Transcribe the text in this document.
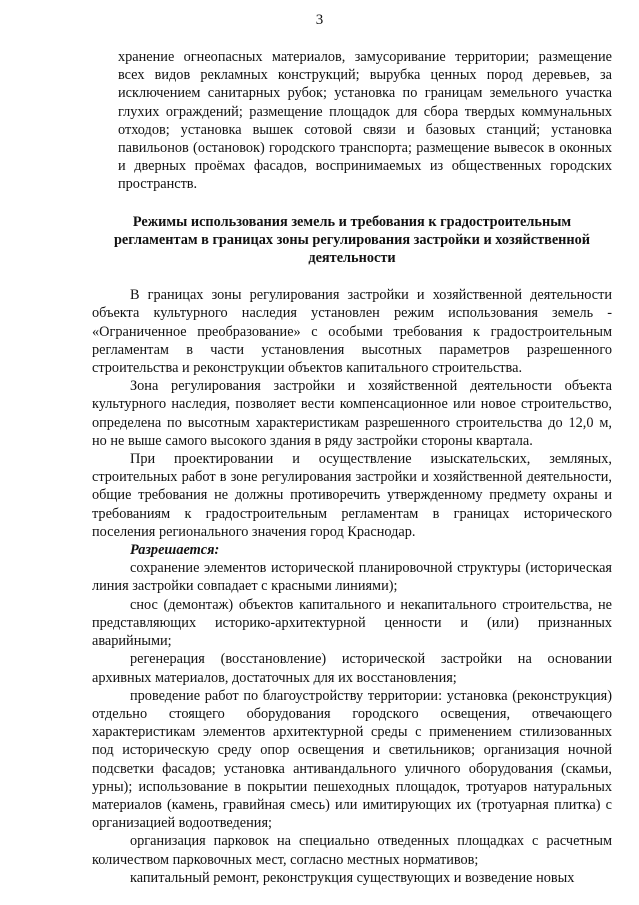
3

хранение огнеопасных материалов, замусоривание территории; размещение всех видов рекламных конструкций; вырубка ценных пород деревьев, за исключением санитарных рубок; установка по границам земельного участка глухих ограждений; размещение площадок для сбора твердых коммунальных отходов; установка вышек сотовой связи и базовых станций; установка павильонов (остановок) городского транспорта; размещение вывесок в оконных и дверных проёмах фасадов, воспринимаемых из общественных городских пространств.

Режимы использования земель и требования к градостроительным регламентам в границах зоны регулирования застройки и хозяйственной деятельности

В границах зоны регулирования застройки и хозяйственной деятельности объекта культурного наследия установлен режим использования земель - «Ограниченное преобразование» с особыми требования к градостроительным регламентам в части установления высотных параметров разрешенного строительства и реконструкции объектов капитального строительства.

Зона регулирования застройки и хозяйственной деятельности объекта культурного наследия, позволяет вести компенсационное или новое строительство, определена по высотным характеристикам разрешенного строительства до 12,0 м, но не выше самого высокого здания в ряду застройки стороны квартала.

При проектировании и осуществление изыскательских, земляных, строительных работ в зоне регулирования застройки и хозяйственной деятельности, общие требования не должны противоречить утвержденному предмету охраны и требованиям к градостроительным регламентам в границах исторического поселения регионального значения город Краснодар.

Разрешается:

сохранение элементов исторической планировочной структуры (историческая линия застройки совпадает с красными линиями);

снос (демонтаж) объектов капитального и некапитального строительства, не представляющих историко-архитектурной ценности и (или) признанных аварийными;

регенерация (восстановление) исторической застройки на основании архивных материалов, достаточных для их восстановления;

проведение работ по благоустройству территории: установка (реконструкция) отдельно стоящего оборудования городского освещения, отвечающего характеристикам элементов архитектурной среды с применением стилизованных под историческую среду опор освещения и светильников; организация ночной подсветки фасадов; установка антивандального уличного оборудования (скамьи, урны); использование в покрытии пешеходных площадок, тротуаров натуральных материалов (камень, гравийная смесь) или имитирующих их (тротуарная плитка) с организацией водоотведения;

организация парковок на специально отведенных площадках с расчетным количеством парковочных мест, согласно местных нормативов;

капитальный ремонт, реконструкция существующих и возведение новых
